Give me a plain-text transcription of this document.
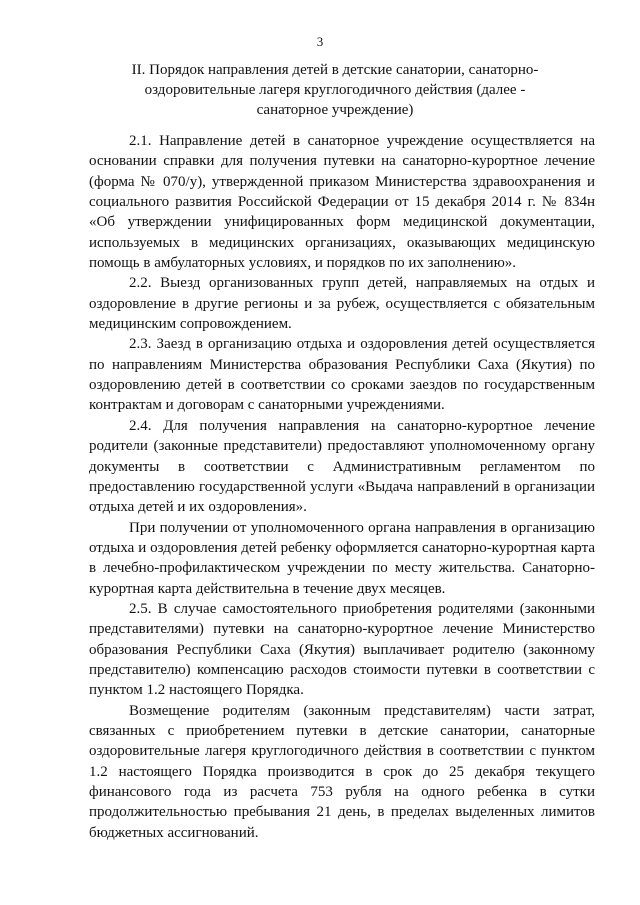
3
II. Порядок направления детей в детские санатории, санаторно-оздоровительные лагеря круглогодичного действия (далее - санаторное учреждение)

2.1. Направление детей в санаторное учреждение осуществляется на основании справки для получения путевки на санаторно-курортное лечение (форма № 070/у), утвержденной приказом Министерства здравоохранения и социального развития Российской Федерации от 15 декабря 2014 г. № 834н «Об утверждении унифицированных форм медицинской документации, используемых в медицинских организациях, оказывающих медицинскую помощь в амбулаторных условиях, и порядков по их заполнению».

2.2. Выезд организованных групп детей, направляемых на отдых и оздоровление в другие регионы и за рубеж, осуществляется с обязательным медицинским сопровождением.

2.3. Заезд в организацию отдыха и оздоровления детей осуществляется по направлениям Министерства образования Республики Саха (Якутия) по оздоровлению детей в соответствии со сроками заездов по государственным контрактам и договорам с санаторными учреждениями.

2.4. Для получения направления на санаторно-курортное лечение родители (законные представители) предоставляют уполномоченному органу документы в соответствии с Административным регламентом по предоставлению государственной услуги «Выдача направлений в организации отдыха детей и их оздоровления».

При получении от уполномоченного органа направления в организацию отдыха и оздоровления детей ребенку оформляется санаторно-курортная карта в лечебно-профилактическом учреждении по месту жительства. Санаторно-курортная карта действительна в течение двух месяцев.

2.5. В случае самостоятельного приобретения родителями (законными представителями) путевки на санаторно-курортное лечение Министерство образования Республики Саха (Якутия) выплачивает родителю (законному представителю) компенсацию расходов стоимости путевки в соответствии с пунктом 1.2 настоящего Порядка.

Возмещение родителям (законным представителям) части затрат, связанных с приобретением путевки в детские санатории, санаторные оздоровительные лагеря круглогодичного действия в соответствии с пунктом 1.2 настоящего Порядка производится в срок до 25 декабря текущего финансового года из расчета 753 рубля на одного ребенка в сутки продолжительностью пребывания 21 день, в пределах выделенных лимитов бюджетных ассигнований.
